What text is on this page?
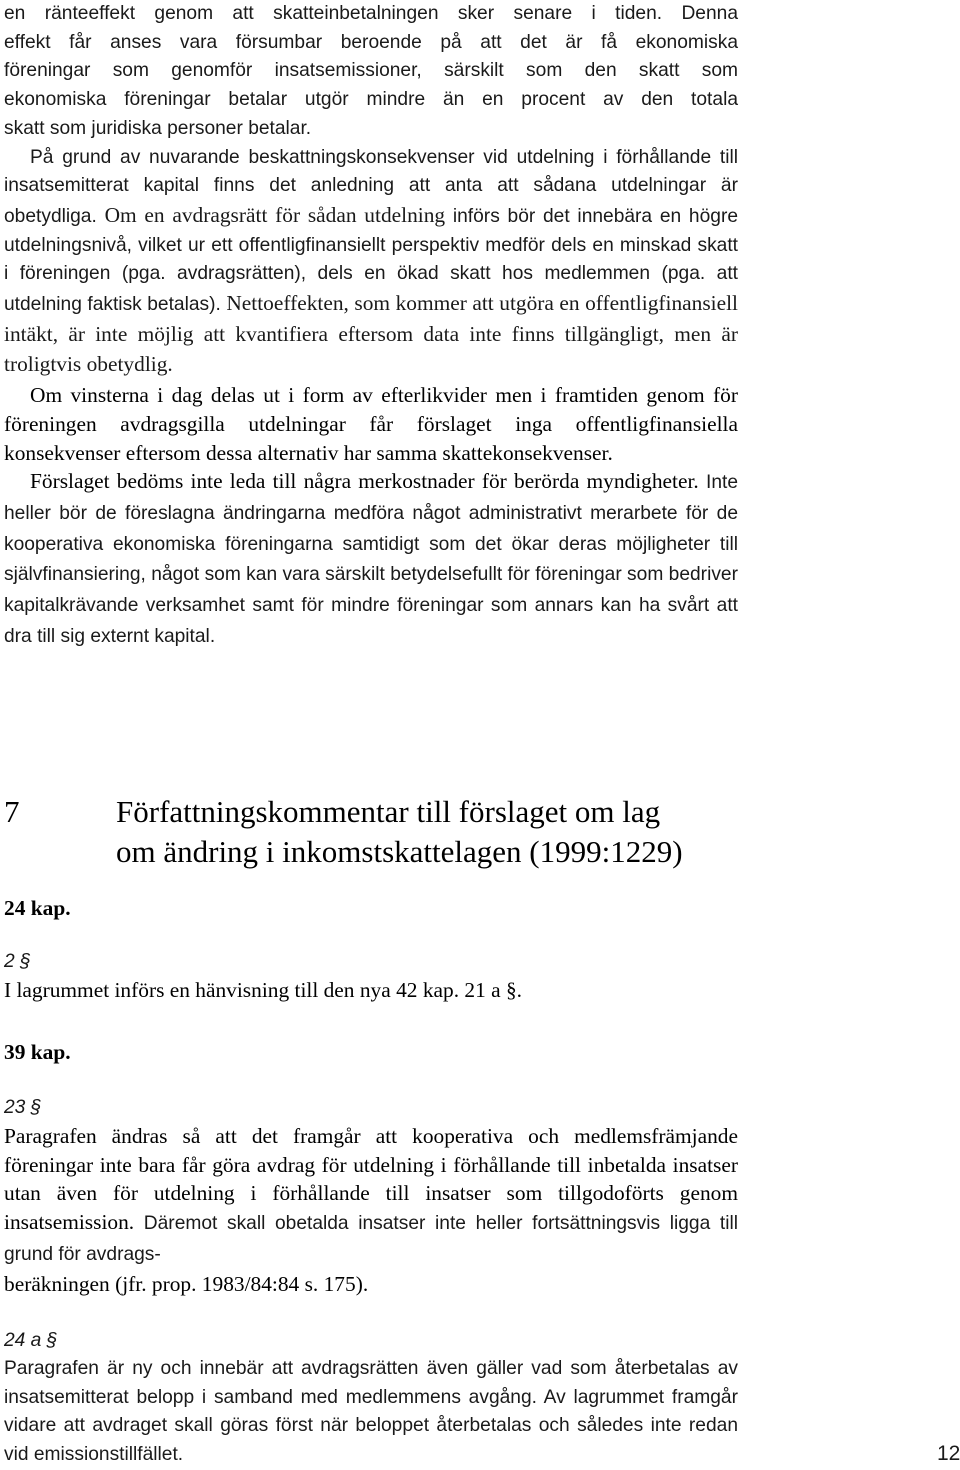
en ränteeffekt genom att skatteinbetalningen sker senare i tiden. Denna
effekt får anses vara försumbar beroende på att det är få ekonomiska
föreningar som genomför insatsemissioner, särskilt som den skatt som
ekonomiska föreningar betalar utgör mindre än en procent av den totala
skatt som juridiska personer betalar.

På grund av nuvarande beskattningskonsekvenser vid utdelning i förhållande till insatsemitterat kapital finns det anledning att anta att sådana utdelningar är obetydliga. Om en avdragsrätt för sådan utdelning införs bör det innebära en högre utdelningsnivå, vilket ur ett offentligfinansiellt perspektiv medför dels en minskad skatt i föreningen (pga. avdragsrätten), dels en ökad skatt hos medlemmen (pga. att utdelning faktisk betalas). Nettoeffekten, som kommer att utgöra en offentligfinansiell intäkt, är inte möjlig att kvantifiera eftersom data inte finns tillgängligt, men är troligtvis obetydlig.

Om vinsterna i dag delas ut i form av efterlikvider men i framtiden genom för föreningen avdragsgilla utdelningar får förslaget inga offentligfinansiella konsekvenser eftersom dessa alternativ har samma skattekonsekvenser.

Förslaget bedöms inte leda till några merkostnader för berörda myndigheter. Inte heller bör de föreslagna ändringarna medföra något administrativt merarbete för de kooperativa ekonomiska föreningarna samtidigt som det ökar deras möjligheter till självfinansiering, något som kan vara särskilt betydelsefullt för föreningar som bedriver kapitalkrävande verksamhet samt för mindre föreningar som annars kan ha svårt att dra till sig externt kapital.

7	Författningskommentar till förslaget om lag
om ändring i inkomstskattelagen (1999:1229)

24 kap.

2 §

I lagrummet införs en hänvisning till den nya 42 kap. 21 a §.

39 kap.

23 §

Paragrafen ändras så att det framgår att kooperativa och medlemsfrämjande föreningar inte bara får göra avdrag för utdelning i förhållande till inbetalda insatser utan även för utdelning i förhållande till insatser som tillgodoförts genom insatsemission. Däremot skall obetalda insatser inte heller fortsättningsvis ligga till grund för avdrags-

beräkningen (jfr. prop. 1983/84:84 s. 175).

24 a §

Paragrafen är ny och innebär att avdragsrätten även gäller vad som återbetalas av insatsemitterat belopp i samband med medlemmens avgång. Av lagrummet framgår vidare att avdraget skall göras först när beloppet återbetalas och således inte redan vid emissionstillfället.	12
